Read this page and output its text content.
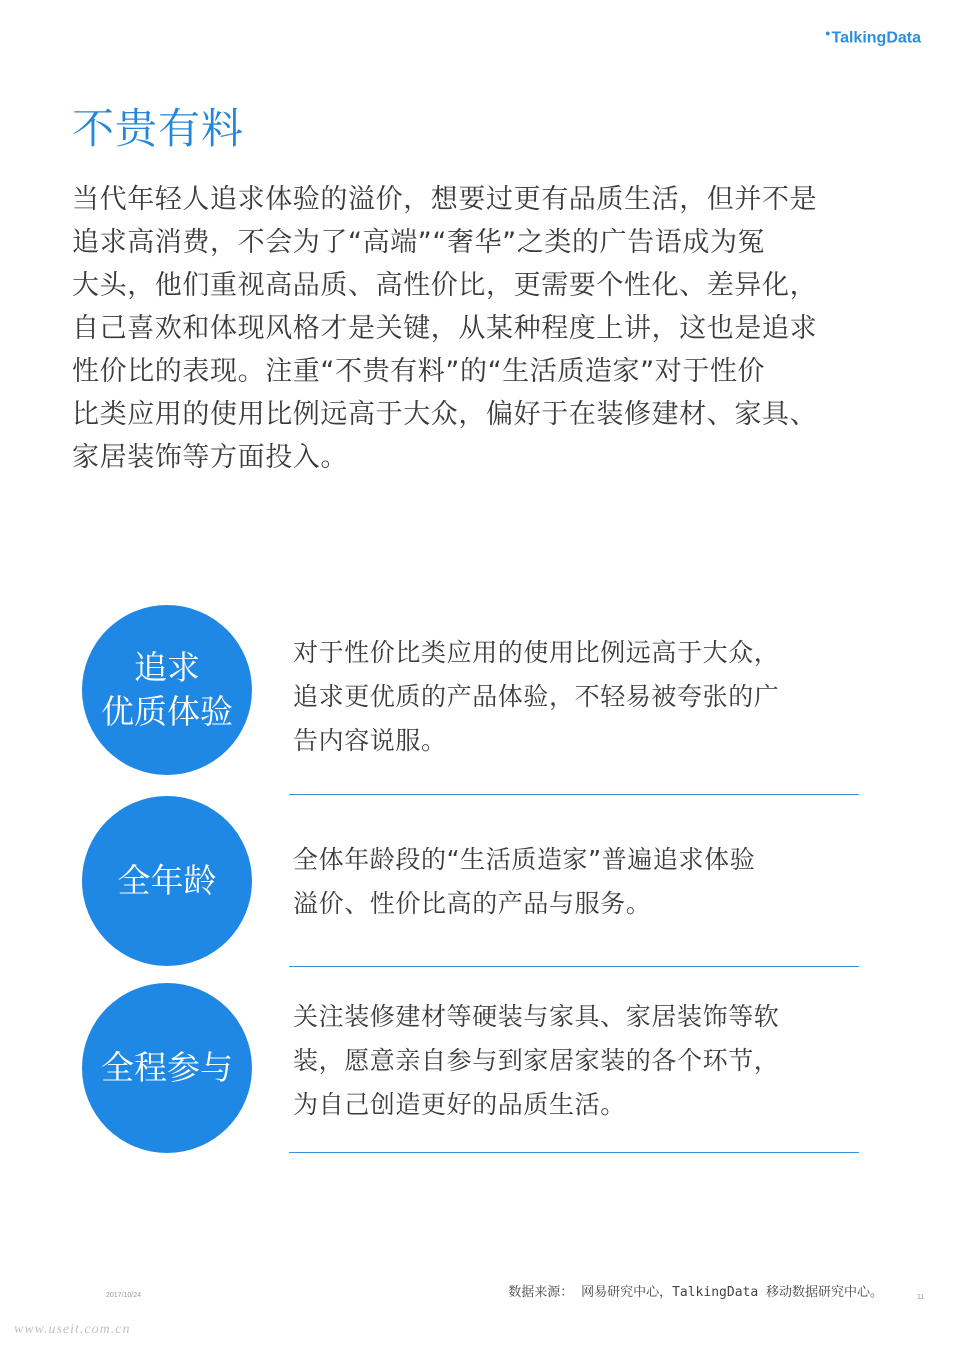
●TalkingData
不贵有料
当代年轻人追求体验的溢价，想要过更有品质生活，但并不是
追求高消费，不会为了“高端”“奢华”之类的广告语成为冤
大头，他们重视高品质、高性价比，更需要个性化、差异化，
自己喜欢和体现风格才是关键，从某种程度上讲，这也是追求
性价比的表现。注重“不贵有料”的“生活质造家”对于性价
比类应用的使用比例远高于大众，偏好于在装修建材、家具、
家居装饰等方面投入。
追求
优质体验
对于性价比类应用的使用比例远高于大众，
追求更优质的产品体验，不轻易被夸张的广
告内容说服。
全年龄
全体年龄段的“生活质造家”普遍追求体验
溢价、性价比高的产品与服务。
全程参与
关注装修建材等硬装与家具、家居装饰等软
装，愿意亲自参与到家居家装的各个环节，
为自己创造更好的品质生活。
2017/10/24	数据来源： 网易研究中心，TalkingData 移动数据研究中心。	11
www.useit.com.cn
